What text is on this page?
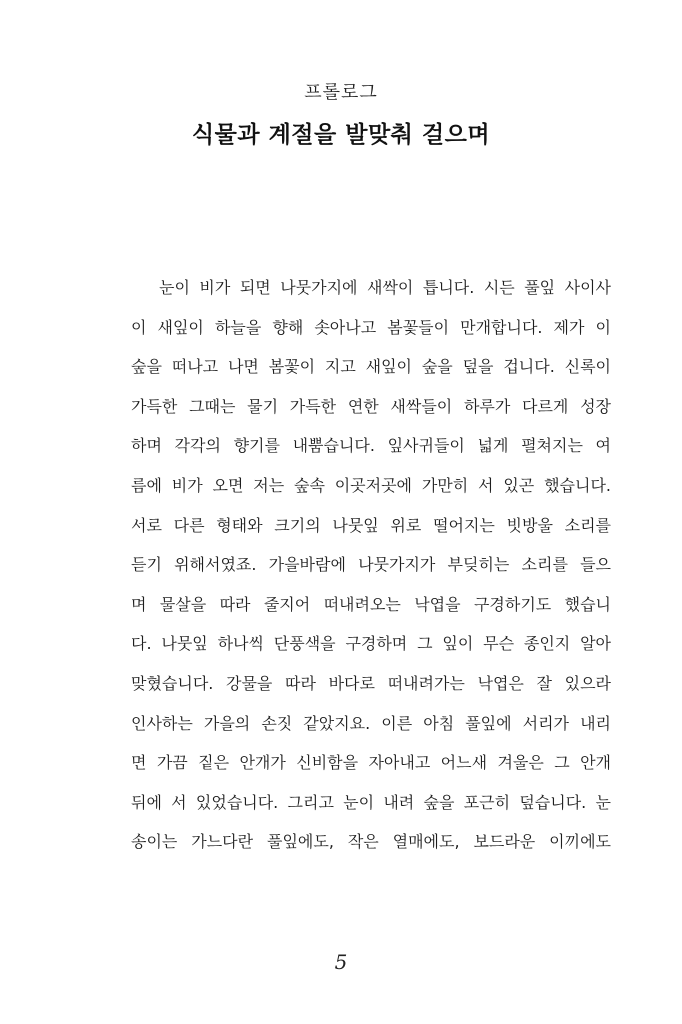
프롤로그
식물과 계절을 발맞춰 걸으며
눈이 비가 되면 나뭇가지에 새싹이 틉니다. 시든 풀잎 사이사
이 새잎이 하늘을 향해 솟아나고 봄꽃들이 만개합니다. 제가 이
숲을 떠나고 나면 봄꽃이 지고 새잎이 숲을 덮을 겁니다. 신록이
가득한 그때는 물기 가득한 연한 새싹들이 하루가 다르게 성장
하며 각각의 향기를 내뿜습니다. 잎사귀들이 넓게 펼쳐지는 여
름에 비가 오면 저는 숲속 이곳저곳에 가만히 서 있곤 했습니다.
서로 다른 형태와 크기의 나뭇잎 위로 떨어지는 빗방울 소리를
듣기 위해서였죠. 가을바람에 나뭇가지가 부딪히는 소리를 들으
며 물살을 따라 줄지어 떠내려오는 낙엽을 구경하기도 했습니
다. 나뭇잎 하나씩 단풍색을 구경하며 그 잎이 무슨 종인지 알아
맞혔습니다. 강물을 따라 바다로 떠내려가는 낙엽은 잘 있으라
인사하는 가을의 손짓 같았지요. 이른 아침 풀잎에 서리가 내리
면 가끔 짙은 안개가 신비함을 자아내고 어느새 겨울은 그 안개
뒤에 서 있었습니다. 그리고 눈이 내려 숲을 포근히 덮습니다. 눈
송이는 가느다란 풀잎에도, 작은 열매에도, 보드라운 이끼에도
5
